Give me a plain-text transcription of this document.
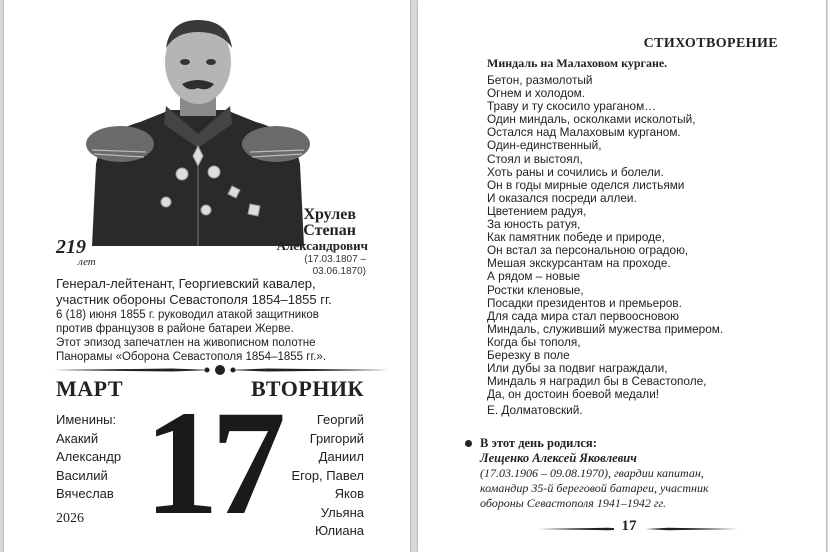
219
лет
Хрулев
Степан
Александрович
(17.03.1807 –
03.06.1870)
Генерал-лейтенант, Георгиевский кавалер,
участник обороны Севастополя 1854–1855 гг.
6 (18) июня 1855 г. руководил атакой защитников
против французов в районе батареи Жерве.
Этот эпизод запечатлен на живописном полотне
Панорамы «Оборона Севастополя 1854–1855 гг.».
МАРТ	ВТОРНИК
17
Именины:
Акакий
Александр
Василий
Вячеслав
Георгий
Григорий
Даниил
Егор, Павел
Яков
Ульяна
Юлиана
2026
СТИХОТВОРЕНИЕ
Миндаль на Малаховом кургане.
Бетон, размолотый
Огнем и холодом.
Траву и ту скосило ураганом…
Один миндаль, осколками исколотый,
Остался над Малаховым курганом.
Один-единственный,
Стоял и выстоял,
Хоть раны и сочились и болели.
Он в годы мирные оделся листьями
И оказался посреди аллеи.
Цветением радуя,
За юность ратуя,
Как памятник победе и природе,
Он встал за персональною оградою,
Мешая экскурсантам на проходе.
А рядом – новые
Ростки кленовые,
Посадки президентов и премьеров.
Для сада мира стал первоосновою
Миндаль, служивший мужества примером.
Когда бы тополя,
Березку в поле
Или дубы за подвиг награждали,
Миндаль я наградил бы в Севастополе,
Да, он достоин боевой медали!
Е. Долматовский.
В этот день родился:
Лещенко Алексей Яковлевич
(17.03.1906 – 09.08.1970), гвардии капитан,
командир 35-й береговой батареи, участник
обороны Севастополя 1941–1942 гг.
17
